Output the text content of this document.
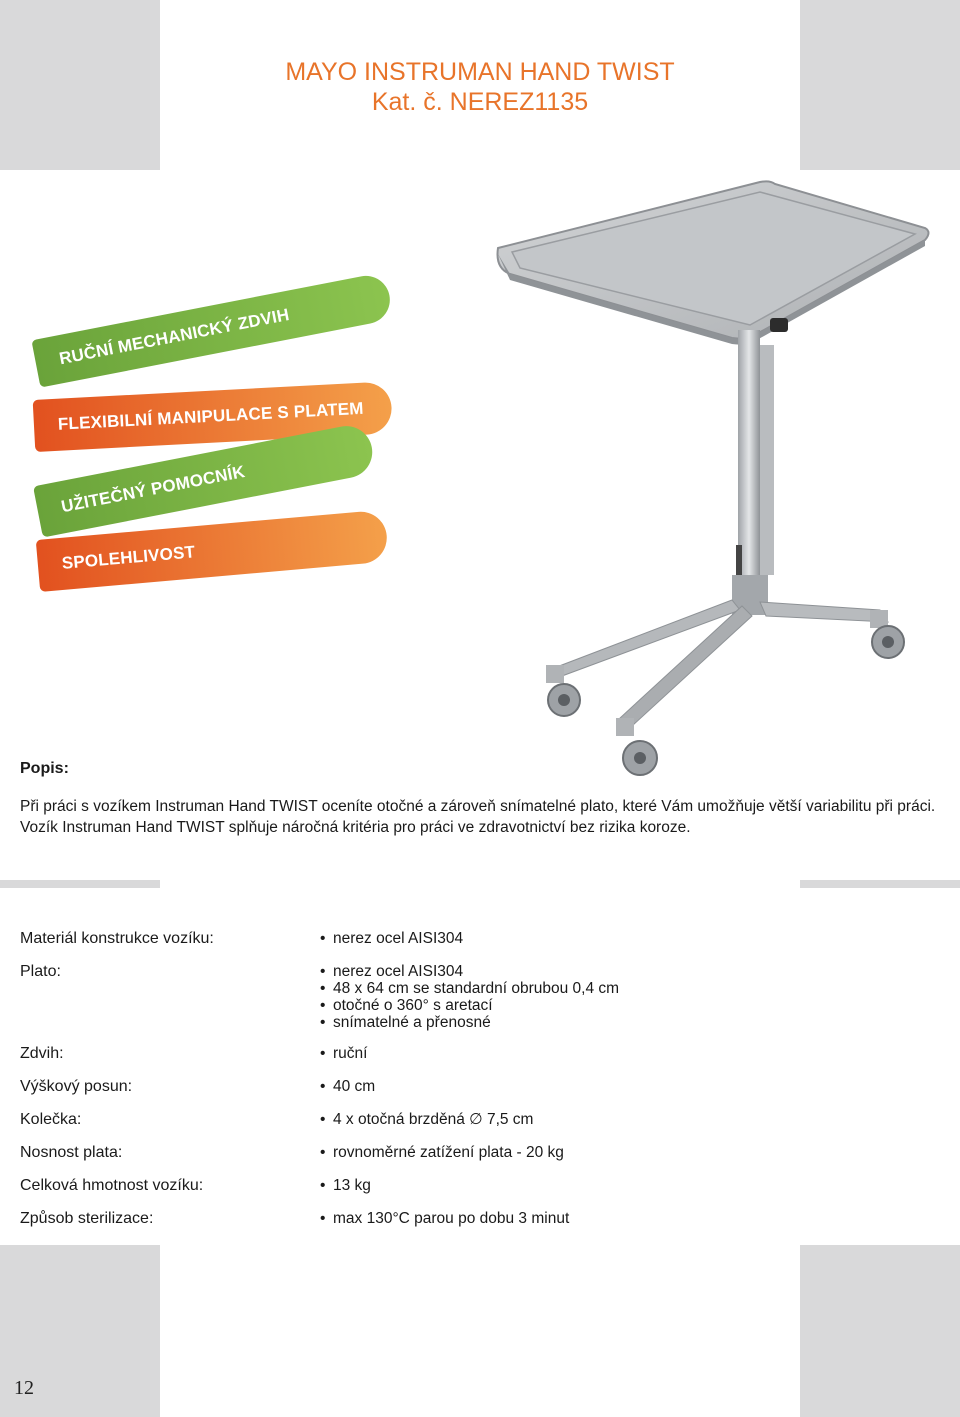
MAYO INSTRUMAN HAND TWIST
Kat. č. NEREZ1135
RUČNÍ MECHANICKÝ ZDVIH
FLEXIBILNÍ MANIPULACE S PLATEM
UŽITEČNÝ POMOCNÍK
SPOLEHLIVOST
Popis:

Při práci s vozíkem Instruman Hand TWIST oceníte otočné a zároveň snímatelné plato, které Vám umožňuje větší variabilitu při práci.

Vozík Instruman Hand TWIST splňuje náročná kritéria pro práci ve zdravotnictví bez rizika koroze.

Materiál konstrukce vozíku:	• nerez ocel AISI304
Plato:	• nerez ocel AISI304
• 48 x 64 cm se standardní obrubou 0,4 cm
• otočné o 360° s aretací
• snímatelné a přenosné
Zdvih:	• ruční
Výškový posun:	• 40 cm
Kolečka:	• 4 x otočná brzděná ∅ 7,5 cm
Nosnost plata:	• rovnoměrné zatížení plata - 20 kg
Celková hmotnost vozíku:	• 13 kg
Způsob sterilizace:	• max 130°C parou po dobu 3 minut
12
